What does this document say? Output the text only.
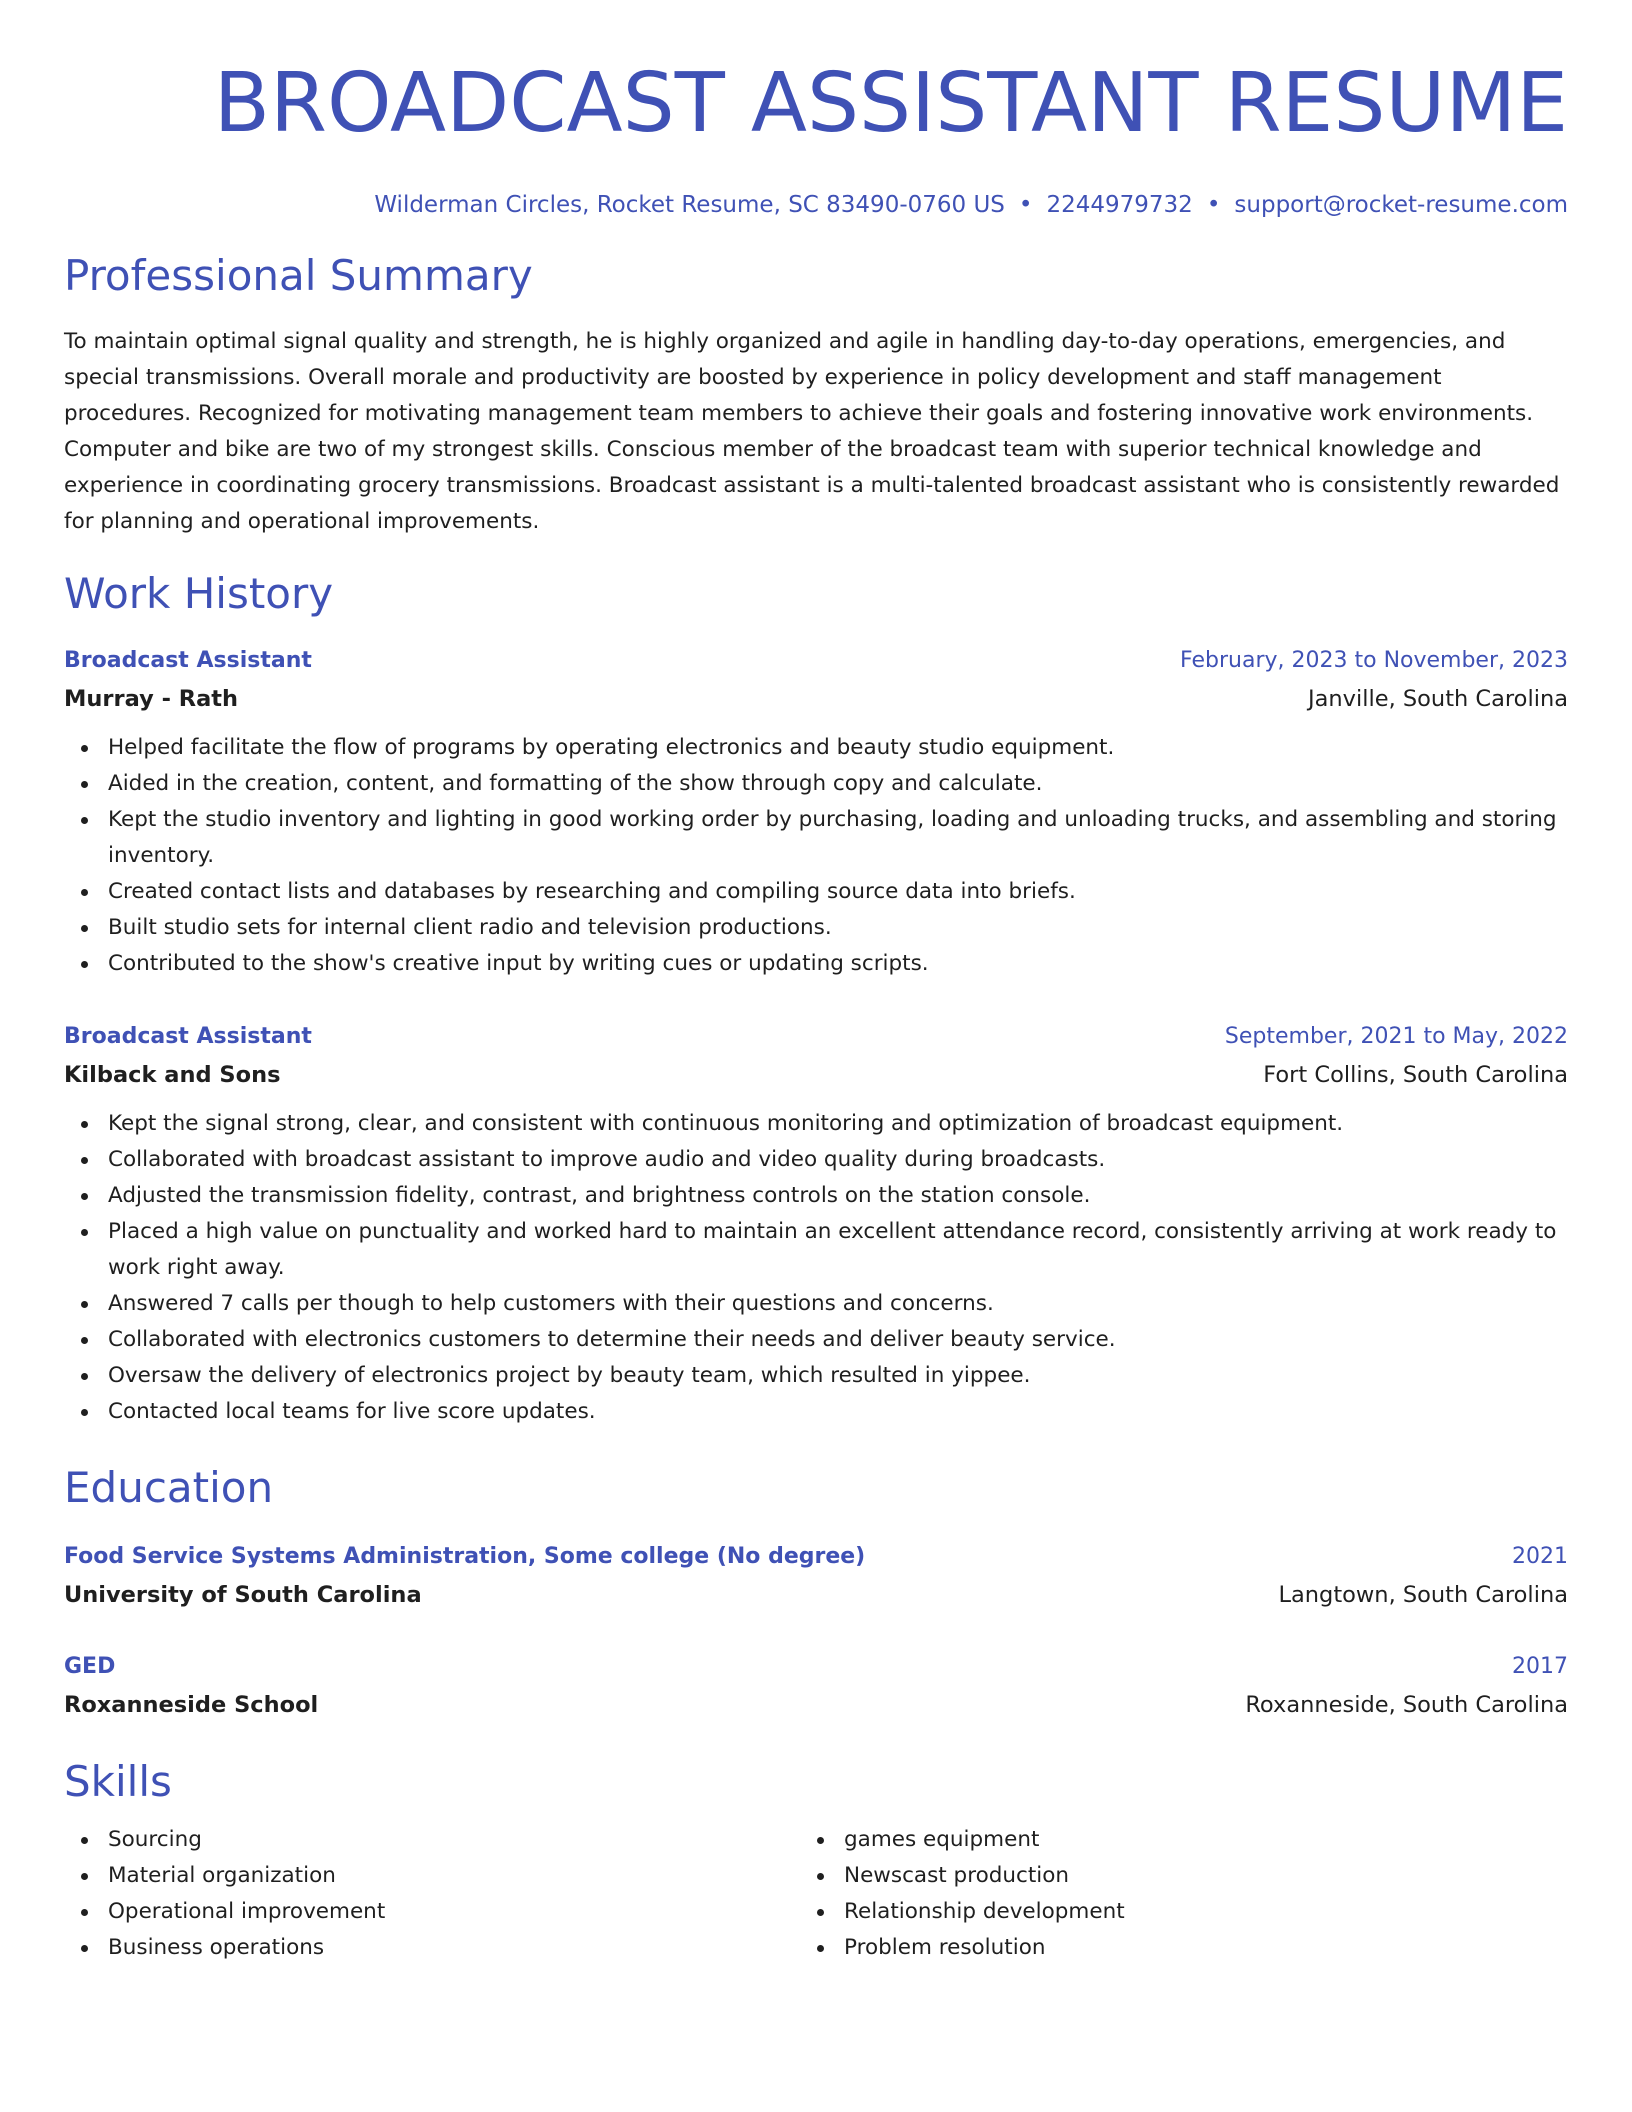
BROADCAST ASSISTANT RESUME
Wilderman Circles, Rocket Resume, SC 83490-0760 US • 2244979732 • support@rocket-resume.com
Professional Summary
To maintain optimal signal quality and strength, he is highly organized and agile in handling day-to-day operations, emergencies, and special transmissions. Overall morale and productivity are boosted by experience in policy development and staff management procedures. Recognized for motivating management team members to achieve their goals and fostering innovative work environments. Computer and bike are two of my strongest skills. Conscious member of the broadcast team with superior technical knowledge and experience in coordinating grocery transmissions. Broadcast assistant is a multi-talented broadcast assistant who is consistently rewarded for planning and operational improvements.
Work History
Broadcast Assistant	February, 2023 to November, 2023
Murray - Rath	Janville, South Carolina
Helped facilitate the flow of programs by operating electronics and beauty studio equipment.
Aided in the creation, content, and formatting of the show through copy and calculate.
Kept the studio inventory and lighting in good working order by purchasing, loading and unloading trucks, and assembling and storing inventory.
Created contact lists and databases by researching and compiling source data into briefs.
Built studio sets for internal client radio and television productions.
Contributed to the show's creative input by writing cues or updating scripts.
Broadcast Assistant	September, 2021 to May, 2022
Kilback and Sons	Fort Collins, South Carolina
Kept the signal strong, clear, and consistent with continuous monitoring and optimization of broadcast equipment.
Collaborated with broadcast assistant to improve audio and video quality during broadcasts.
Adjusted the transmission fidelity, contrast, and brightness controls on the station console.
Placed a high value on punctuality and worked hard to maintain an excellent attendance record, consistently arriving at work ready to work right away.
Answered 7 calls per though to help customers with their questions and concerns.
Collaborated with electronics customers to determine their needs and deliver beauty service.
Oversaw the delivery of electronics project by beauty team, which resulted in yippee.
Contacted local teams for live score updates.
Education
Food Service Systems Administration, Some college (No degree)	2021
University of South Carolina	Langtown, South Carolina
GED	2017
Roxanneside School	Roxanneside, South Carolina
Skills
Sourcing
Material organization
Operational improvement
Business operations
games equipment
Newscast production
Relationship development
Problem resolution
